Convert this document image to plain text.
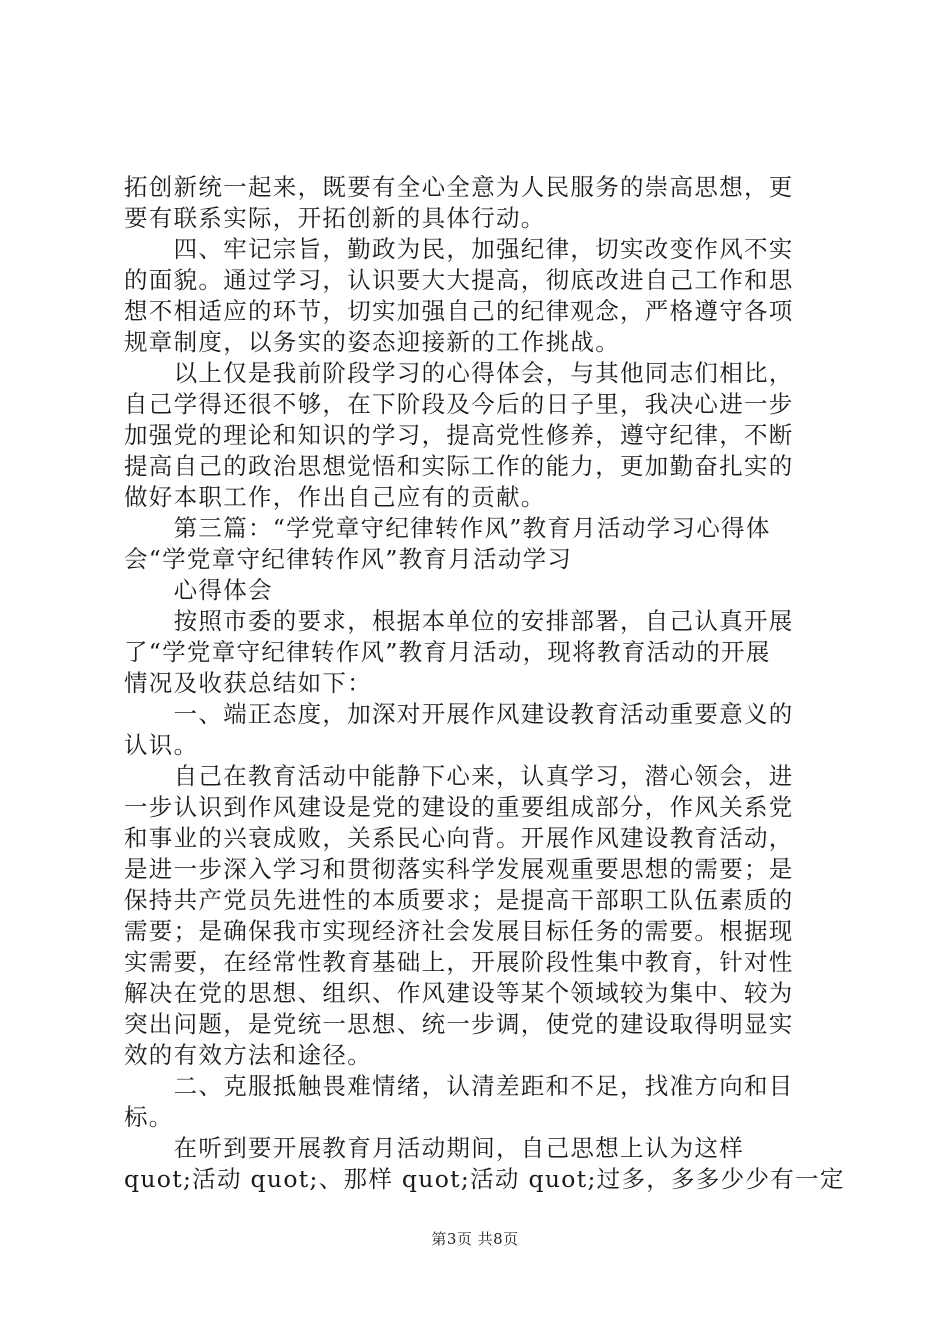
拓创新统一起来，既要有全心全意为人民服务的崇高思想，更
要有联系实际，开拓创新的具体行动。
　　四、牢记宗旨，勤政为民，加强纪律，切实改变作风不实
的面貌。通过学习，认识要大大提高，彻底改进自己工作和思
想不相适应的环节，切实加强自己的纪律观念，严格遵守各项
规章制度，以务实的姿态迎接新的工作挑战。
　　以上仅是我前阶段学习的心得体会，与其他同志们相比，
自己学得还很不够，在下阶段及今后的日子里，我决心进一步
加强党的理论和知识的学习，提高党性修养，遵守纪律，不断
提高自己的政治思想觉悟和实际工作的能力，更加勤奋扎实的
做好本职工作，作出自己应有的贡献。
　　第三篇：“学党章守纪律转作风”教育月活动学习心得体
会“学党章守纪律转作风”教育月活动学习
　　心得体会
　　按照市委的要求，根据本单位的安排部署，自己认真开展
了“学党章守纪律转作风”教育月活动，现将教育活动的开展
情况及收获总结如下：
　　一、端正态度，加深对开展作风建设教育活动重要意义的
认识。
　　自己在教育活动中能静下心来，认真学习，潜心领会，进
一步认识到作风建设是党的建设的重要组成部分，作风关系党
和事业的兴衰成败，关系民心向背。开展作风建设教育活动，
是进一步深入学习和贯彻落实科学发展观重要思想的需要；是
保持共产党员先进性的本质要求；是提高干部职工队伍素质的
需要；是确保我市实现经济社会发展目标任务的需要。根据现
实需要，在经常性教育基础上，开展阶段性集中教育，针对性
解决在党的思想、组织、作风建设等某个领域较为集中、较为
突出问题，是党统一思想、统一步调，使党的建设取得明显实
效的有效方法和途径。
　　二、克服抵触畏难情绪，认清差距和不足，找准方向和目
标。
　　在听到要开展教育月活动期间，自己思想上认为这样
quot;活动 quot;、那样 quot;活动 quot;过多，多多少少有一定
第3页 共8页
